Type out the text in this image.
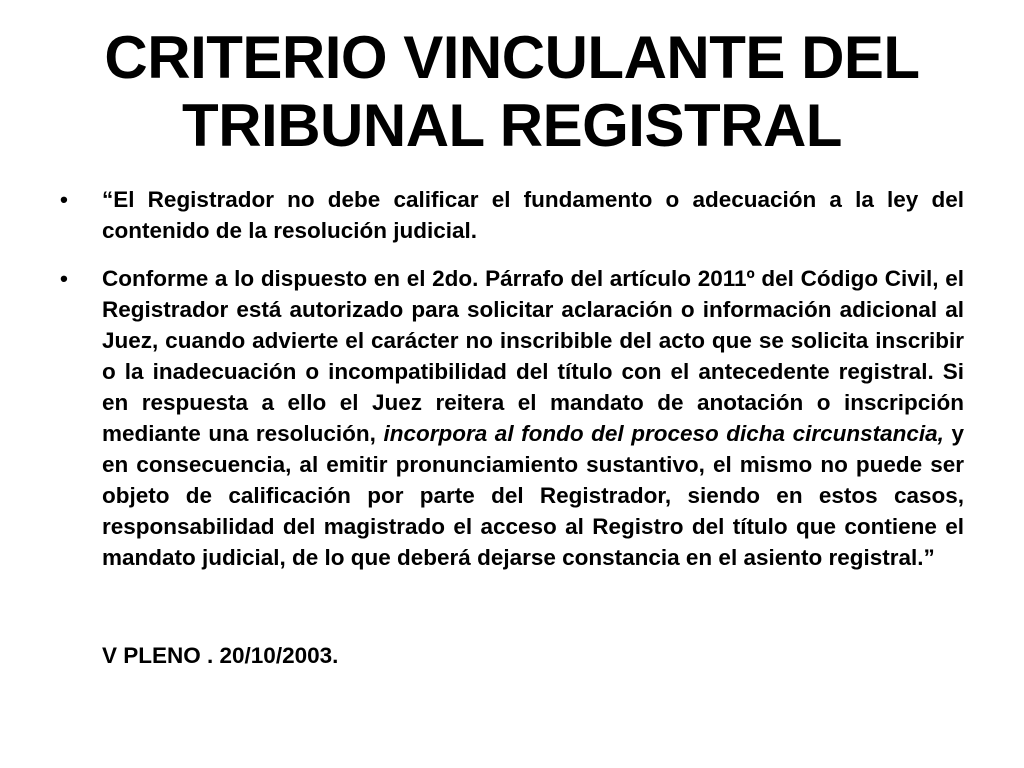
CRITERIO VINCULANTE DEL
TRIBUNAL REGISTRAL
•	“El Registrador no debe calificar el fundamento o adecuación a la ley del contenido de la resolución judicial.
•	Conforme a lo dispuesto en el 2do. Párrafo del artículo 2011º del Código Civil, el Registrador está autorizado para solicitar aclaración o información adicional al Juez, cuando advierte el carácter no inscribible del acto que se solicita inscribir o la inadecuación o incompatibilidad del título con el antecedente registral. Si en respuesta a ello el Juez reitera el mandato de anotación o inscripción mediante una resolución, incorpora al fondo del proceso dicha circunstancia, y en consecuencia, al emitir pronunciamiento sustantivo, el mismo no puede ser objeto de calificación por parte del Registrador, siendo en estos casos, responsabilidad del magistrado el acceso al Registro del título que contiene el mandato judicial, de lo que deberá dejarse constancia en el asiento registral.”
V PLENO . 20/10/2003.
